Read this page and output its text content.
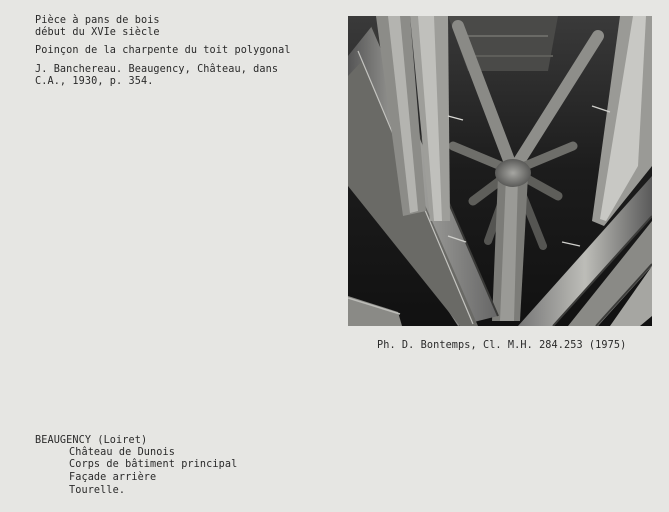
Pièce à pans de bois
début du XVIe siècle
Poinçon de la charpente du toit polygonal
J. Banchereau. Beaugency, Château, dans
C.A., 1930, p. 354.
Ph. D. Bontemps, Cl. M.H. 284.253 (1975)
BEAUGENCY (Loiret)
Château de Dunois
Corps de bâtiment principal
Façade arrière
Tourelle.
